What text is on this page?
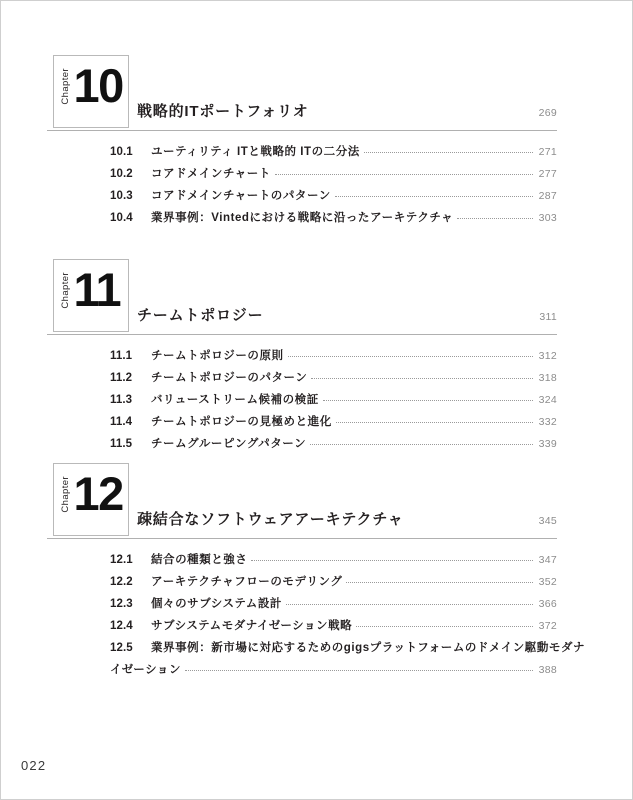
Chapter 10 戦略的ITポートフォリオ	269
10.1	ユーティリティ ITと戦略的 ITの二分法	271
10.2	コアドメインチャート	277
10.3	コアドメインチャートのパターン	287
10.4	業界事例：Vintedにおける戦略に沿ったアーキテクチャ	303
Chapter 11 チームトポロジー	311
11.1	チームトポロジーの原則	312
11.2	チームトポロジーのパターン	318
11.3	バリューストリーム候補の検証	324
11.4	チームトポロジーの見極めと進化	332
11.5	チームグルーピングパターン	339
Chapter 12 疎結合なソフトウェアアーキテクチャ	345
12.1	結合の種類と強さ	347
12.2	アーキテクチャフローのモデリング	352
12.3	個々のサブシステム設計	366
12.4	サブシステムモダナイゼーション戦略	372
12.5	業界事例：新市場に対応するためのgigsプラットフォームのドメイン駆動モダナ
イゼーション	388
022
